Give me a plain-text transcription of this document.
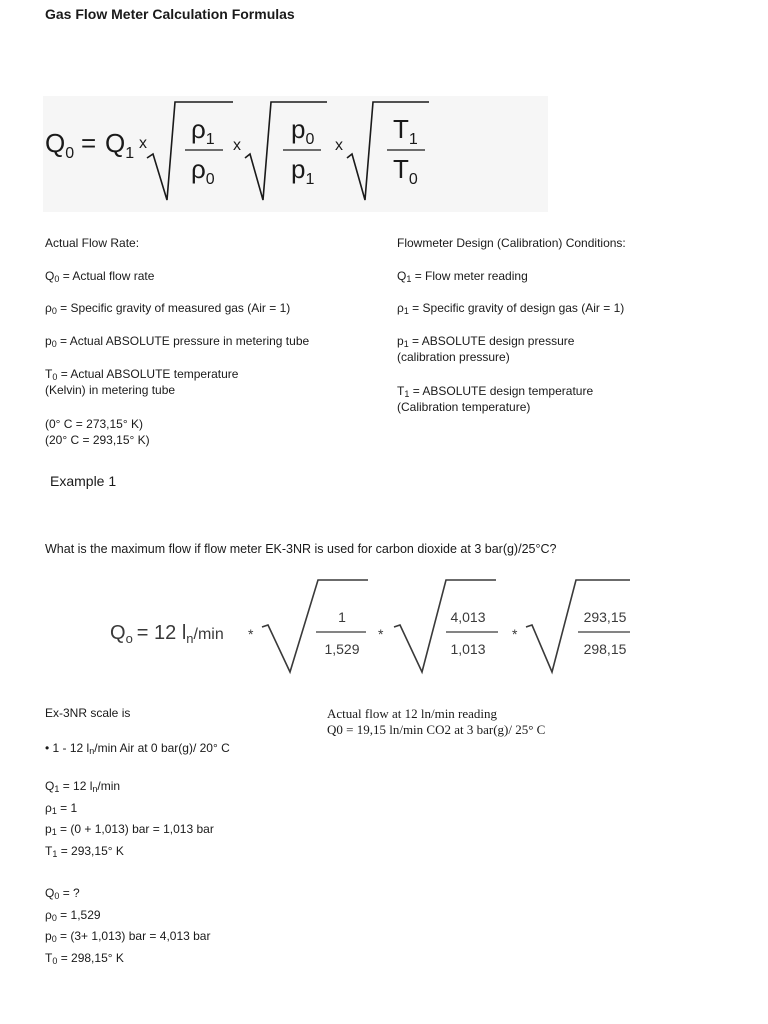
Gas Flow Meter Calculation Formulas
$Q_0 = Q_1$
x $\rho_1$
$\rho_0$
x
$p_0$
$p_1$
x
$T_1$
$T_0$
Actual Flow Rate:
$Q_0$ = Actual flow rate
$\rho_0$ = Specific gravity of measured gas (Air = 1)
$p_0$ = Actual ABSOLUTE pressure in metering tube

$T_0$ = Actual ABSOLUTE temperature

(Kelvin) in metering tube

(0° C = 273,15° K)

(20° C = 293,15° K)

Flowmeter Design (Calibration) Conditions:
$Q_1$ = Flow meter reading
$\rho_1$ = Specific gravity of design gas (Air = 1)

$p_1$ = ABSOLUTE design pressure

(calibration pressure)

$T_1$ = ABSOLUTE design temperature

(Calibration temperature)

Example 1
What is the maximum flow if flow meter EK-3NR is used for carbon dioxide at 3 bar(g)/25°C?
$Q_o = 12$ $l_n^{/min}$ *
1
1,529
*
4,013
1,013
*
293,15
298,15
Ex-3NR scale is
• 1 - 12 $l_n/\min$ Air at 0 bar(g)/ 20° C

$Q_1 = 12$ $l_n/\min$

$\rho_1 = 1$

$p_1 = (0 + 1,013)$ bar = 1,013 bar

$T_1 = 293,15^\circ$ K

$Q_0$ = ?

$\rho_0 = 1,529$

$p_0 = (3+ 1,013)$ bar = 4,013 bar

$T_0 = 298,15^\circ$ K

Actual flow at 12 ln/min reading
Q0 = 19,15 ln/min CO2 at 3 bar(g)/ 25° C
